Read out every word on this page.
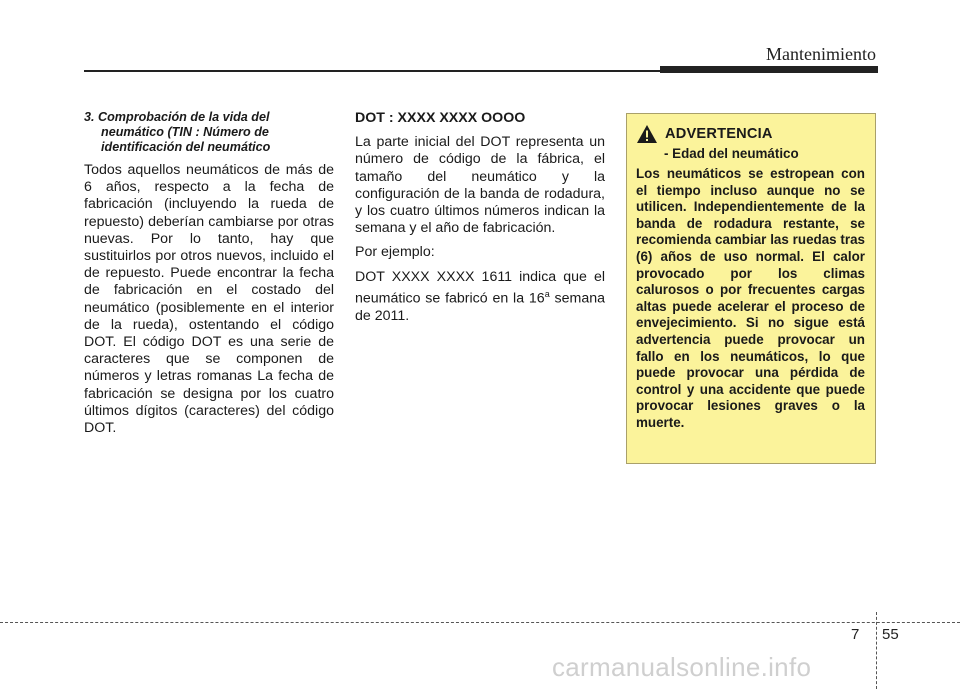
Mantenimiento
3. Comprobación de la vida del
neumático (TIN : Número de
identificación del neumático

Todos aquellos neumáticos de más de 6 años, respecto a la fecha de fabricación (incluyendo la rueda de repuesto) deberían cambiarse por otras nuevas. Por lo tanto, hay que sustituirlos por otros nuevos, incluido el de repuesto. Puede encontrar la fecha de fabricación en el costado del neumático (posiblemente en el interior de la rueda), ostentando el código DOT. El código DOT es una serie de caracteres que se componen de números y letras romanas La fecha de fabricación se designa por los cuatro últimos dígitos (caracteres) del código DOT.

DOT : XXXX XXXX OOOO

La parte inicial del DOT representa un número de código de la fábrica, el tamaño del neumático y la configuración de la banda de rodadura, y los cuatro últimos números indican la semana y el año de fabricación.

Por ejemplo:

DOT XXXX XXXX 1611 indica que el neumático se fabricó en la 16$^a$ semana de 2011.

ADVERTENCIA
- Edad del neumático
Los neumáticos se estropean con el tiempo incluso aunque no se utilicen. Independientemente de la banda de rodadura restante, se recomienda cambiar las ruedas tras (6) años de uso normal. El calor provocado por los climas calurosos o por frecuentes cargas altas puede acelerar el proceso de envejecimiento. Si no sigue está advertencia puede provocar un fallo en los neumáticos, lo que puede provocar una pérdida de control y una accidente que puede provocar lesiones graves o la muerte.
7 55
carmanualsonline.info
